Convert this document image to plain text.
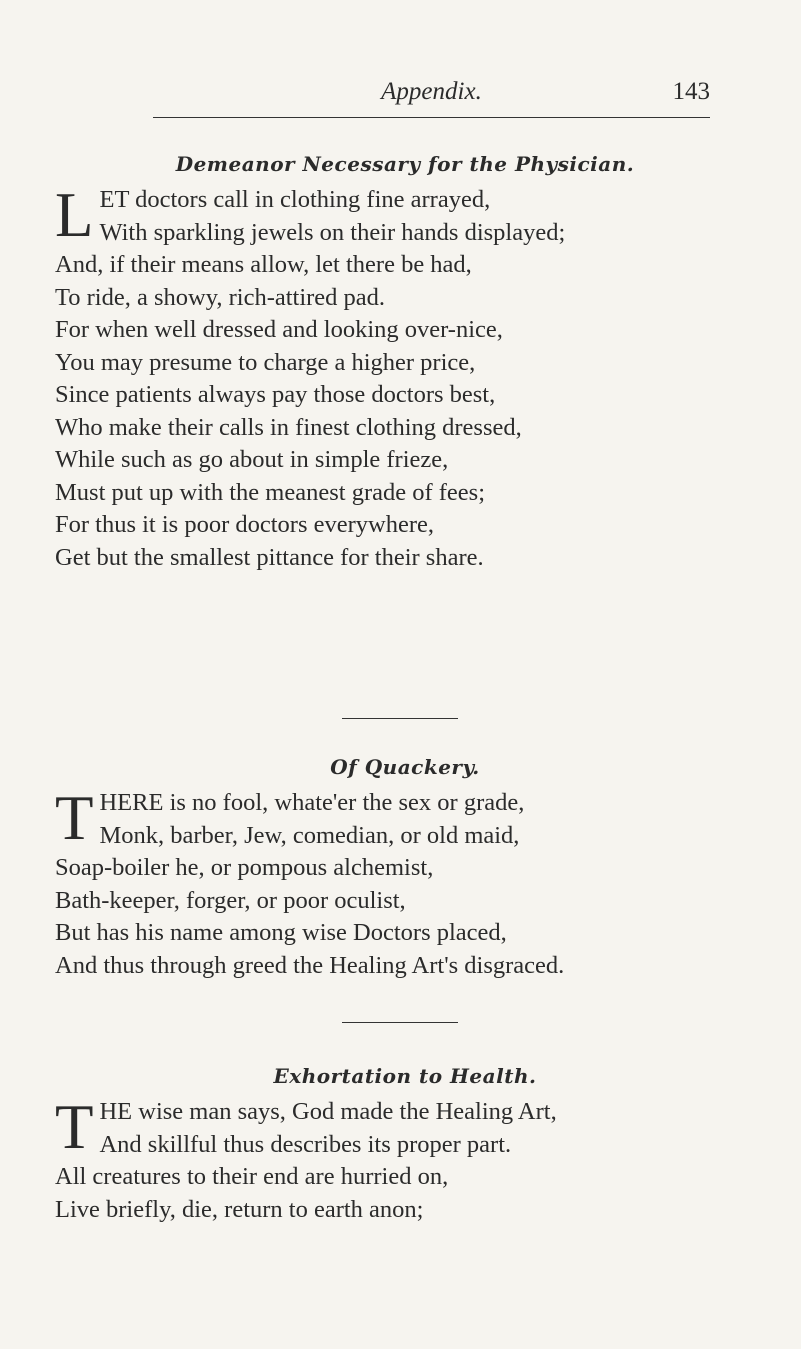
Appendix.	143
Demeanor Necessary for the Physician.
L ET doctors call in clothing fine arrayed,
With sparkling jewels on their hands displayed;
And, if their means allow, let there be had,
To ride, a showy, rich-attired pad.
For when well dressed and looking over-nice,
You may presume to charge a higher price,
Since patients always pay those doctors best,
Who make their calls in finest clothing dressed,
While such as go about in simple frieze,
Must put up with the meanest grade of fees;
For thus it is poor doctors everywhere,
Get but the smallest pittance for their share.
Of Quackery.
T HERE is no fool, whate'er the sex or grade,
Monk, barber, Jew, comedian, or old maid,
Soap-boiler he, or pompous alchemist,
Bath-keeper, forger, or poor oculist,
But has his name among wise Doctors placed,
And thus through greed the Healing Art's disgraced.
Exhortation to Health.
T HE wise man says, God made the Healing Art,
And skillful thus describes its proper part.
All creatures to their end are hurried on,
Live briefly, die, return to earth anon;
